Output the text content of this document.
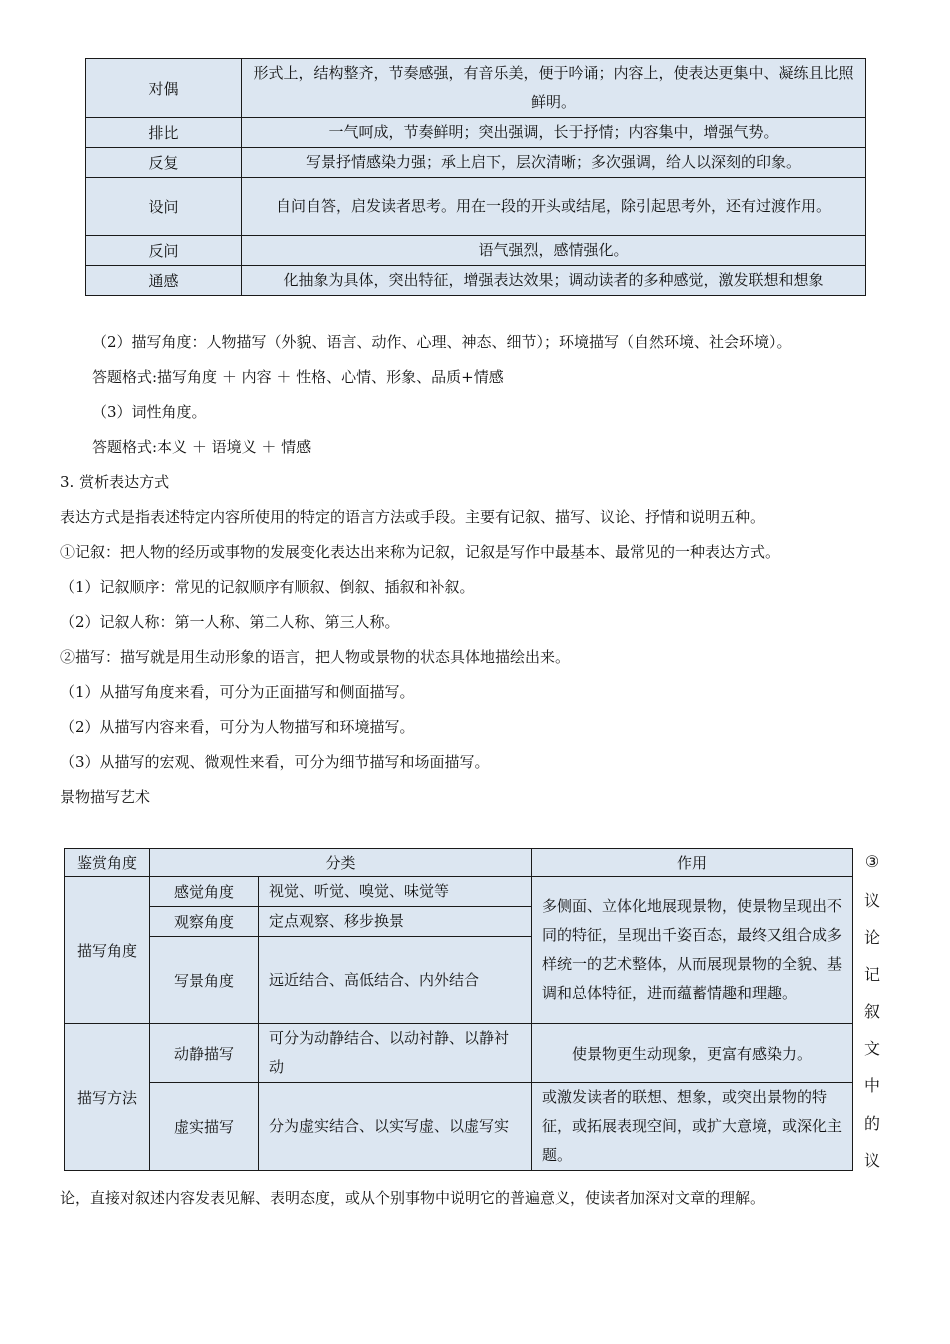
对偶	形式上，结构整齐，节奏感强，有音乐美，便于吟诵；内容上，使表达更集中、凝练且比照鲜明。
排比	一气呵成，节奏鲜明；突出强调，长于抒情；内容集中，增强气势。
反复	写景抒情感染力强；承上启下，层次清晰；多次强调，给人以深刻的印象。
设问	自问自答，启发读者思考。用在一段的开头或结尾，除引起思考外，还有过渡作用。
反问	语气强烈，感情强化。
通感	化抽象为具体，突出特征，增强表达效果；调动读者的多种感觉，激发联想和想象
（2）描写角度：人物描写（外貌、语言、动作、心理、神态、细节）；环境描写（自然环境、社会环境）。
答题格式:描写角度 ＋ 内容 ＋ 性格、心情、形象、品质+情感
（3）词性角度。
答题格式:本义 ＋ 语境义 ＋ 情感
3. 赏析表达方式
表达方式是指表述特定内容所使用的特定的语言方法或手段。主要有记叙、描写、议论、抒情和说明五种。
①记叙：把人物的经历或事物的发展变化表达出来称为记叙，记叙是写作中最基本、最常见的一种表达方式。
（1）记叙顺序：常见的记叙顺序有顺叙、倒叙、插叙和补叙。
（2）记叙人称：第一人称、第二人称、第三人称。
②描写：描写就是用生动形象的语言，把人物或景物的状态具体地描绘出来。
（1）从描写角度来看，可分为正面描写和侧面描写。
（2）从描写内容来看，可分为人物描写和环境描写。
（3）从描写的宏观、微观性来看，可分为细节描写和场面描写。
景物描写艺术
鉴赏角度	分类		作用
描写角度	感觉角度	视觉、听觉、嗅觉、味觉等	多侧面、立体化地展现景物，使景物呈现出不同的特征，呈现出千姿百态，最终又组合成多样统一的艺术整体，从而展现景物的全貌、基调和总体特征，进而蕴蓄情趣和理趣。
	观察角度	定点观察、移步换景	
	写景角度	远近结合、高低结合、内外结合	
描写方法	动静描写	可分为动静结合、以动衬静、以静衬动	使景物更生动现象，更富有感染力。
	虚实描写	分为虚实结合、以实写虚、以虚写实	或激发读者的联想、想象，或突出景物的特征，或拓展表现空间，或扩大意境，或深化主题。
③
议
论
记
叙
文
中
的
议
论，直接对叙述内容发表见解、表明态度，或从个别事物中说明它的普遍意义，使读者加深对文章的理解。
